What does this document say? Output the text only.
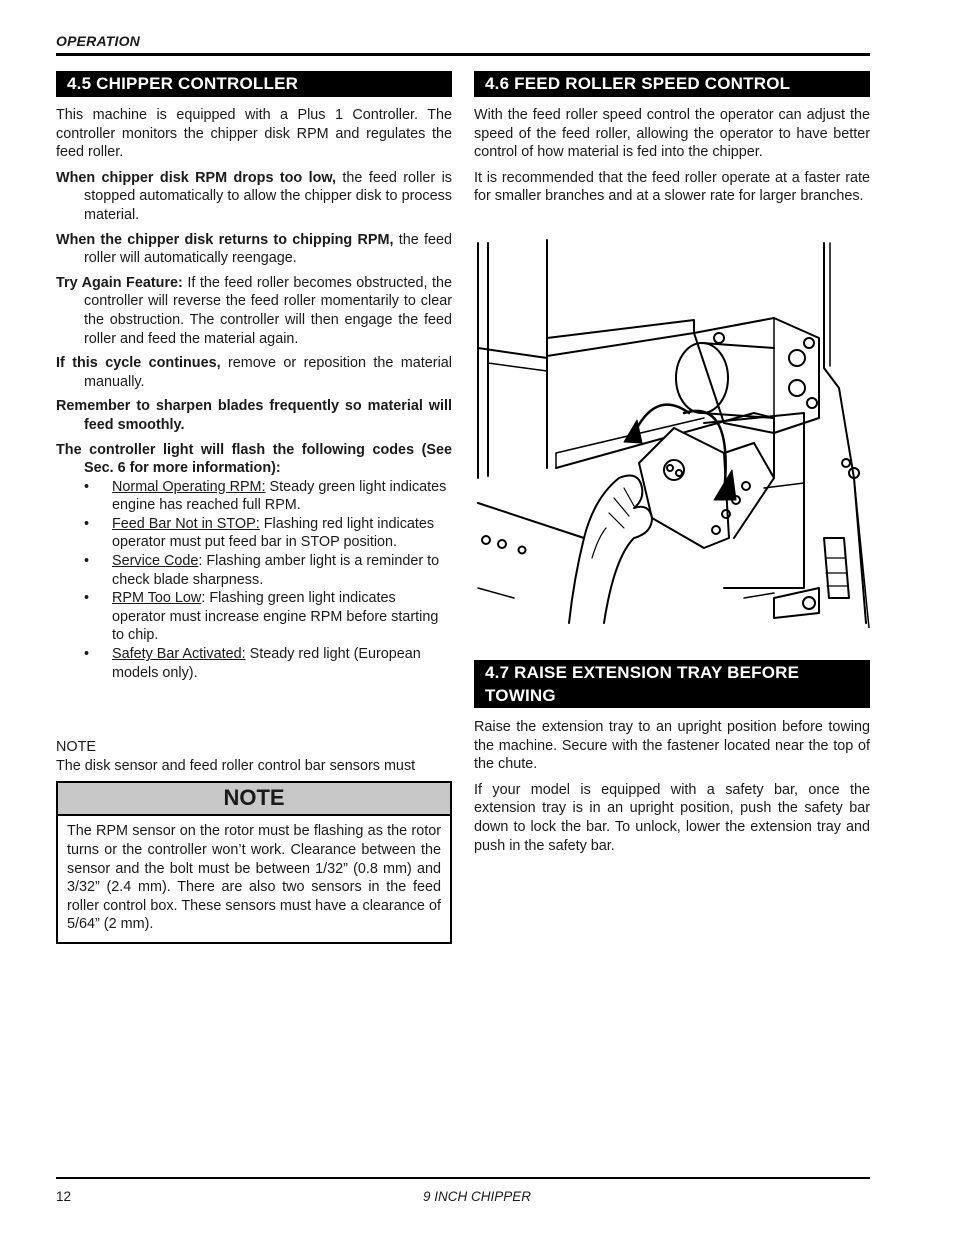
OPERATION
4.5 CHIPPER CONTROLLER

This machine is equipped with a Plus 1 Controller. The controller monitors the chipper disk RPM and regulates the feed roller.

When chipper disk RPM drops too low, the feed roller is stopped automatically to allow the chipper disk to process material.

When the chipper disk returns to chipping RPM, the feed roller will automatically reengage.

Try Again Feature: If the feed roller becomes obstructed, the controller will reverse the feed roller momentarily to clear the obstruction. The controller will then engage the feed roller and feed the material again.

If this cycle continues, remove or reposition the material manually.

Remember to sharpen blades frequently so material will feed smoothly.

The controller light will flash the following codes (See Sec. 6 for more information):

• Normal Operating RPM: Steady green light indicates engine has reached full RPM.
• Feed Bar Not in STOP: Flashing red light indicates operator must put feed bar in STOP position.
• Service Code: Flashing amber light is a reminder to check blade sharpness.
• RPM Too Low: Flashing green light indicates operator must increase engine RPM before starting to chip.
• Safety Bar Activated: Steady red light (European models only).

NOTE

The disk sensor and feed roller control bar sensors must

NOTE
The RPM sensor on the rotor must be flashing as the rotor turns or the controller won’t work. Clearance between the sensor and the bolt must be between 1/32” (0.8 mm) and 3/32” (2.4 mm). There are also two sensors in the feed roller control box. These sensors must have a clearance of 5/64” (2 mm).
4.6 FEED ROLLER SPEED CONTROL

With the feed roller speed control the operator can adjust the speed of the feed roller, allowing the operator to have better control of how material is fed into the chipper.

It is recommended that the feed roller operate at a faster rate for smaller branches and at a slower rate for larger branches.

4.7 RAISE EXTENSION TRAY BEFORE TOWING

Raise the extension tray to an upright position before towing the machine. Secure with the fastener located near the top of the chute.

If your model is equipped with a safety bar, once the extension tray is in an upright position, push the safety bar down to lock the bar. To unlock, lower the extension tray and push in the safety bar.

12	9 INCH CHIPPER
